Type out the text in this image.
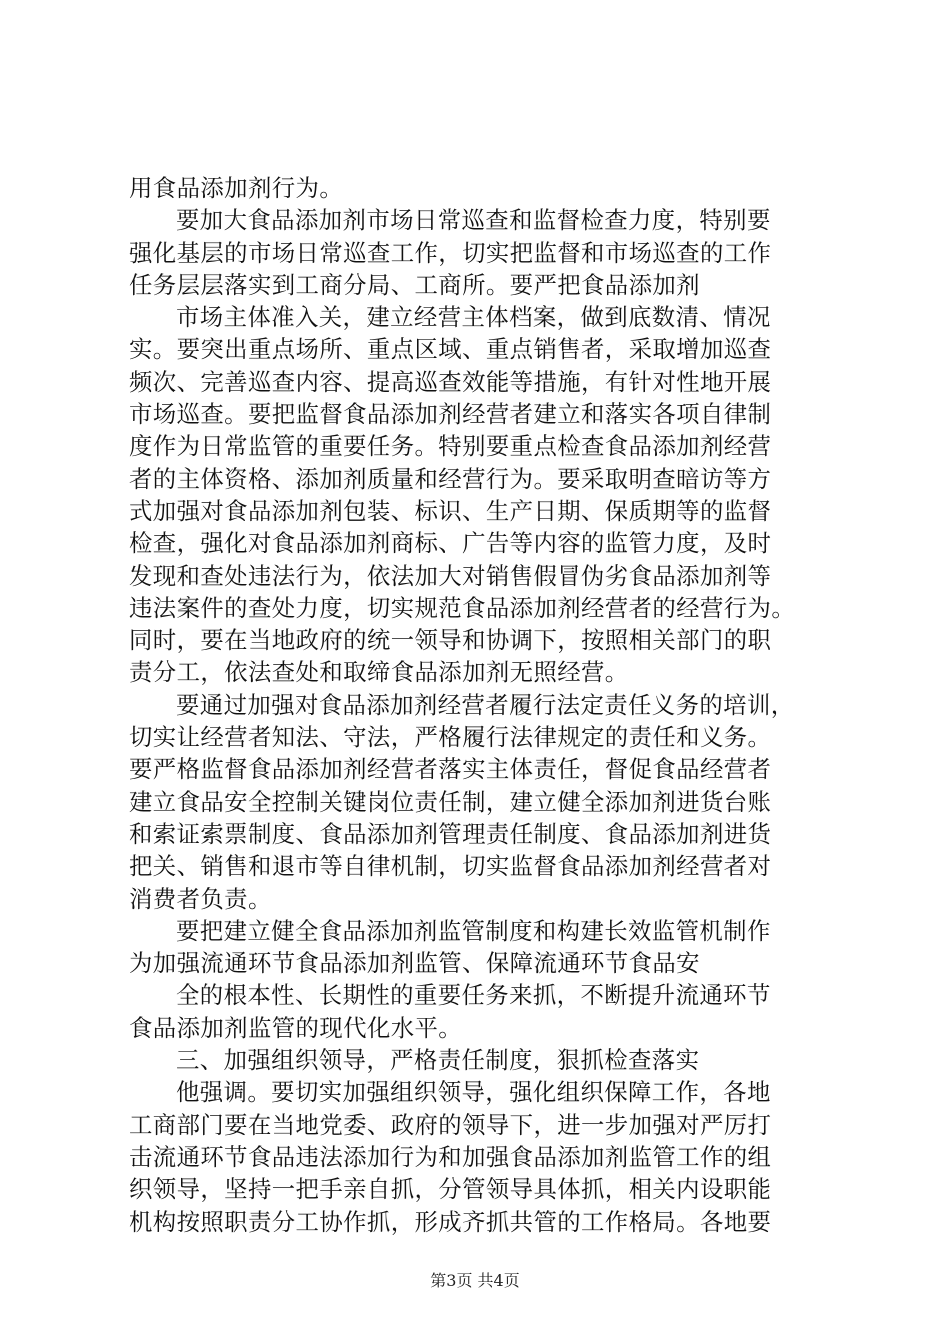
用食品添加剂行为。
要加大食品添加剂市场日常巡查和监督检查力度，特别要
强化基层的市场日常巡查工作，切实把监督和市场巡查的工作
任务层层落实到工商分局、工商所。要严把食品添加剂
市场主体准入关，建立经营主体档案，做到底数清、情况
实。要突出重点场所、重点区域、重点销售者，采取增加巡查
频次、完善巡查内容、提高巡查效能等措施，有针对性地开展
市场巡查。要把监督食品添加剂经营者建立和落实各项自律制
度作为日常监管的重要任务。特别要重点检查食品添加剂经营
者的主体资格、添加剂质量和经营行为。要采取明查暗访等方
式加强对食品添加剂包装、标识、生产日期、保质期等的监督
检查，强化对食品添加剂商标、广告等内容的监管力度，及时
发现和查处违法行为，依法加大对销售假冒伪劣食品添加剂等
违法案件的查处力度，切实规范食品添加剂经营者的经营行为。
同时，要在当地政府的统一领导和协调下，按照相关部门的职
责分工，依法查处和取缔食品添加剂无照经营。
要通过加强对食品添加剂经营者履行法定责任义务的培训，
切实让经营者知法、守法，严格履行法律规定的责任和义务。
要严格监督食品添加剂经营者落实主体责任，督促食品经营者
建立食品安全控制关键岗位责任制，建立健全添加剂进货台账
和索证索票制度、食品添加剂管理责任制度、食品添加剂进货
把关、销售和退市等自律机制，切实监督食品添加剂经营者对
消费者负责。
要把建立健全食品添加剂监管制度和构建长效监管机制作
为加强流通环节食品添加剂监管、保障流通环节食品安
全的根本性、长期性的重要任务来抓，不断提升流通环节
食品添加剂监管的现代化水平。
三、加强组织领导，严格责任制度，狠抓检查落实
他强调。要切实加强组织领导，强化组织保障工作，各地
工商部门要在当地党委、政府的领导下，进一步加强对严厉打
击流通环节食品违法添加行为和加强食品添加剂监管工作的组
织领导，坚持一把手亲自抓，分管领导具体抓，相关内设职能
机构按照职责分工协作抓，形成齐抓共管的工作格局。各地要
第3页 共4页
